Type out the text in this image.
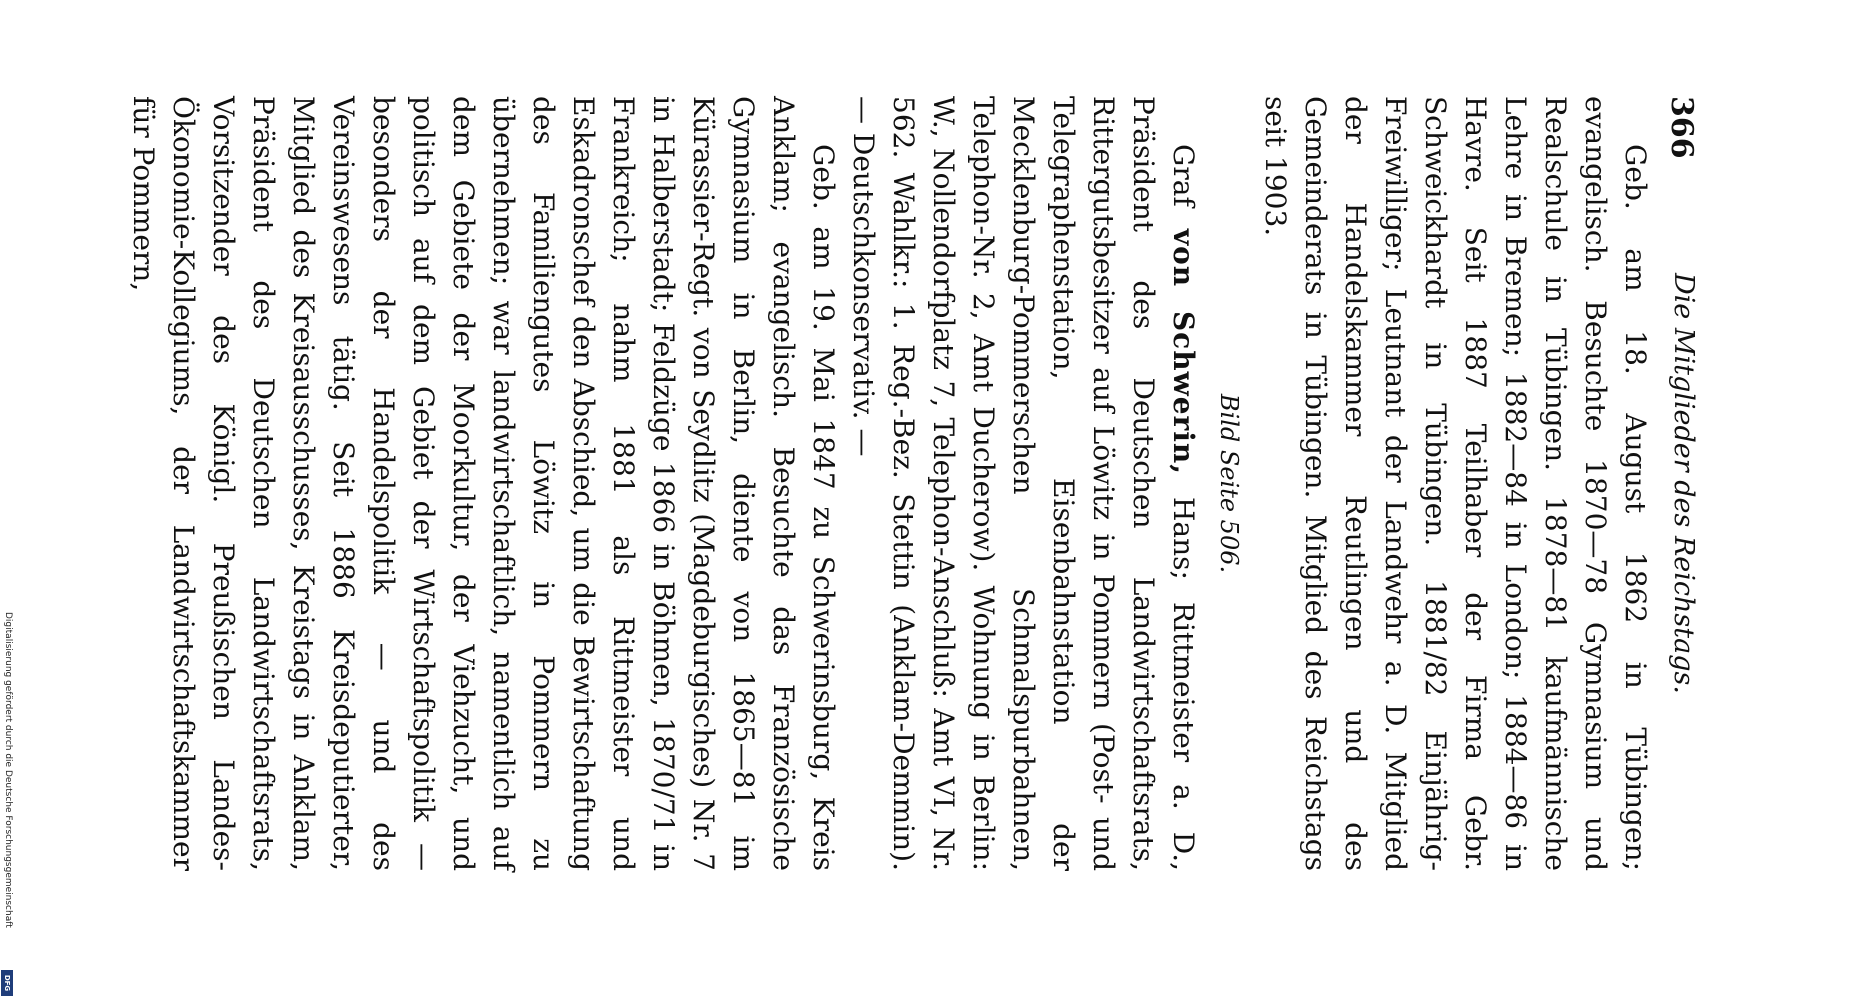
366
Die Mitglieder des Reichstags.

Geb. am 18. August 1862 in Tübingen; evangelisch. Besuchte 1870—78 Gymnasium und Realschule in Tübingen. 1878—81 kaufmännische Lehre in Bremen; 1882—84 in London; 1884—86 in Havre. Seit 1887 Teilhaber der Firma Gebr. Schweickhardt in Tübingen. 1881/82 Einjährig-Freiwilliger; Leutnant der Landwehr a. D. Mitglied der Handelskammer Reutlingen und des Gemeinderats in Tübingen. Mitglied des Reichstags seit 1903.

Bild Seite 506.

Graf von Schwerin, Hans; Rittmeister a. D., Präsident des Deutschen Landwirtschaftsrats, Rittergutsbesitzer auf Löwitz in Pommern (Post- und Telegraphenstation, Eisenbahnstation der Mecklenburg-Pommerschen Schmalspurbahnen, Telephon-Nr. 2, Amt Ducherow). Wohnung in Berlin: W., Nollendorfplatz 7, Telephon-Anschluß: Amt VI, Nr. 562. Wahlkr.: 1. Reg.-Bez. Stettin (Anklam-Demmin). — Deutschkonservativ. —

Geb. am 19. Mai 1847 zu Schwerinsburg, Kreis Anklam; evangelisch. Besuchte das Französische Gymnasium in Berlin, diente von 1865—81 im Kürassier-Regt. von Seydlitz (Magdeburgisches) Nr. 7 in Halberstadt; Feldzüge 1866 in Böhmen, 1870/71 in Frankreich; nahm 1881 als Rittmeister und Eskadronschef den Abschied, um die Bewirtschaftung des Familiengutes Löwitz in Pommern zu übernehmen; war landwirtschaftlich, namentlich auf dem Gebiete der Moorkultur, der Viehzucht, und politisch auf dem Gebiet der Wirtschaftspolitik — besonders der Handelspolitik — und des Vereinswesens tätig. Seit 1886 Kreisdeputierter, Mitglied des Kreisausschusses, Kreistags in Anklam, Präsident des Deutschen Landwirtschaftsrats, Vorsitzender des Königl. Preußischen Landes-Ökonomie-Kollegiums, der Landwirtschaftskammer für Pommern,

Digitalisierung gefördert durch die Deutsche Forschungsgemeinschaft
DFG
